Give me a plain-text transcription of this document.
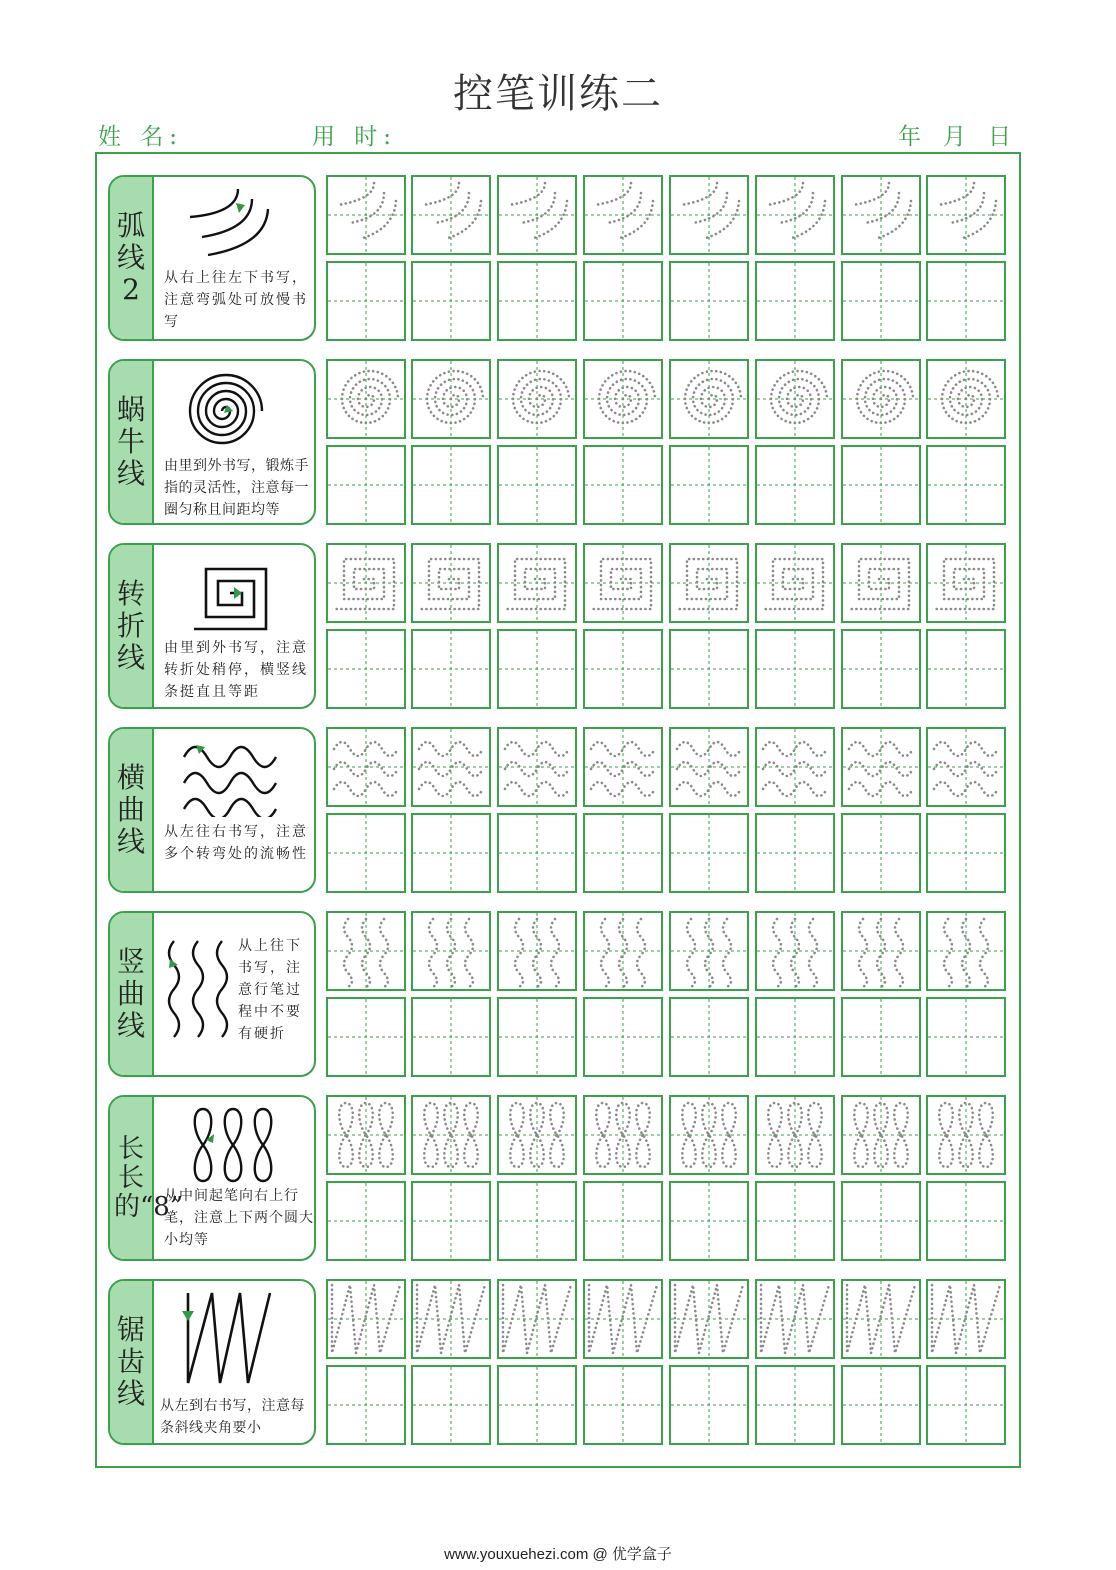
控笔训练二
姓 名:	用 时:	年 月 日
弧线2	从右上往左下书写，注意弯弧处可放慢书写
蜗牛线 由里到外书写，锻炼手指的灵活性，注意每一圈匀称且间距均等
转折线 由里到外书写，注意转折处稍停，横竖线条挺直且等距
横曲线 从左往右书写，注意多个转弯处的流畅性
竖曲线
从上往下书写，注意行笔过程中不要有硬折
长长的“8”
从中间起笔向右上行笔，注意上下两个圆大小均等
锯齿线 从左到右书写，注意每条斜线夹角要小
www.youxuehezi.com @ 优学盒子
